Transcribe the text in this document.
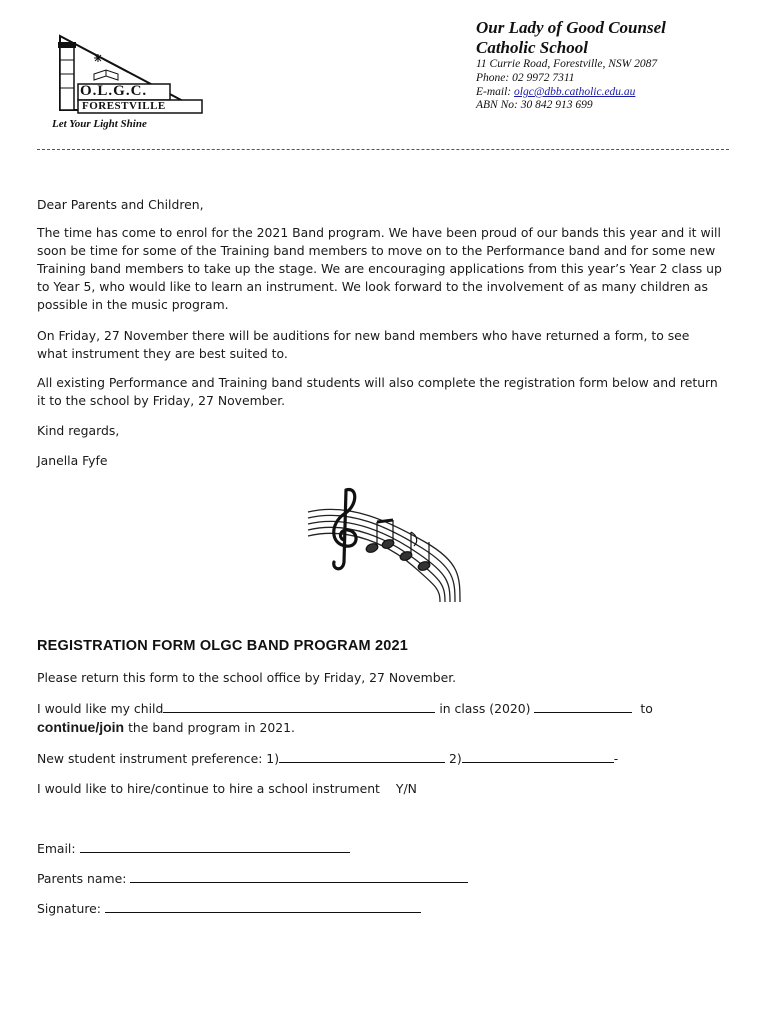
O.L.G.C.
FORESTVILLE
Let Your Light Shine
Our Lady of Good Counsel
Catholic School
11 Currie Road, Forestville, NSW 2087
Phone: 02 9972 7311
E-mail: olgc@dbb.catholic.edu.au
ABN No: 30 842 913 699
Dear Parents and Children,
The time has come to enrol for the 2021 Band program. We have been proud of our bands this year and it will
soon be time for some of the Training band members to move on to the Performance band and for some new
Training band members to take up the stage. We are encouraging applications from this year’s Year 2 class up
to Year 5, who would like to learn an instrument. We look forward to the involvement of as many children as
possible in the music program.
On Friday, 27 November there will be auditions for new band members who have returned a form, to see
what instrument they are best suited to.
All existing Performance and Training band students will also complete the registration form below and return
it to the school by Friday, 27 November.
Kind regards,
Janella Fyfe
REGISTRATION FORM OLGC BAND PROGRAM 2021
Please return this form to the school office by Friday, 27 November.
I would like my child	in class (2020)	to
continue/join the band program in 2021.
New student instrument preference: 1)	2)	-
I would like to hire/continue to hire a school instrument Y/N
Email:
Parents name:
Signature:
